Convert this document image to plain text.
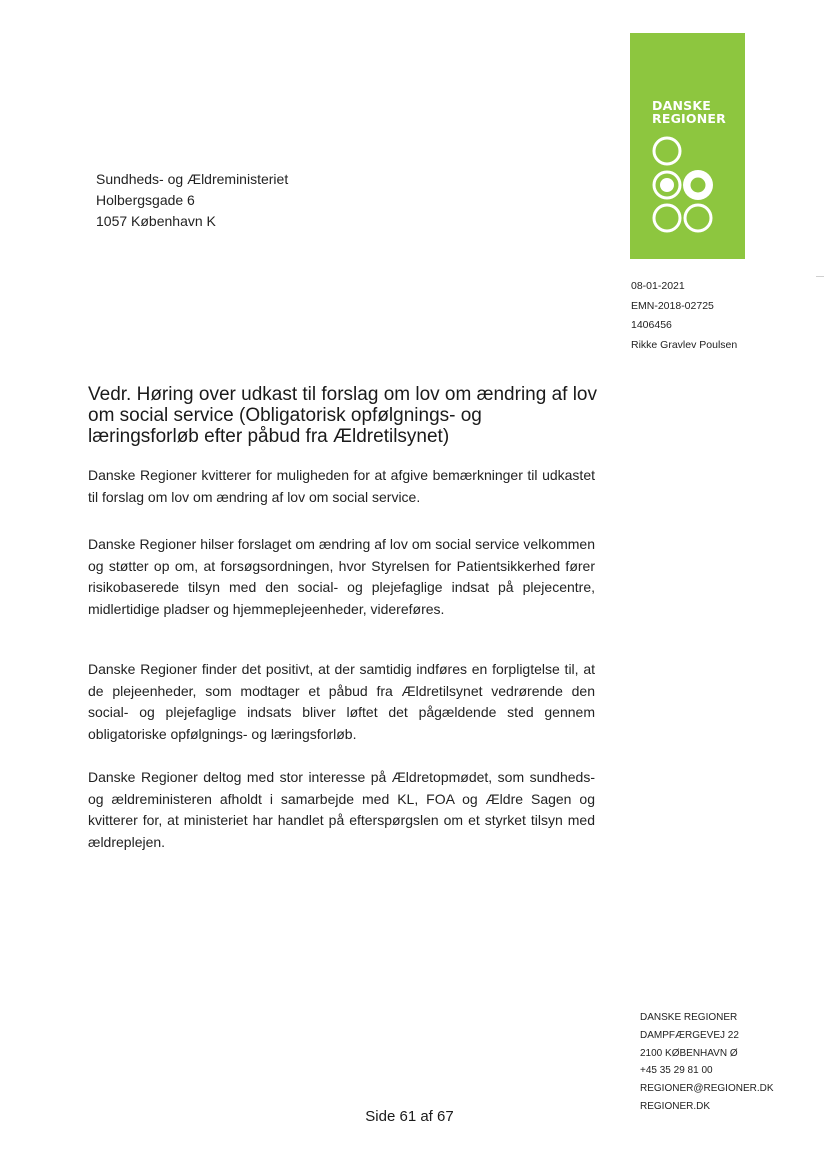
DANSKE
REGIONER
Sundheds- og Ældreministeriet
Holbergsgade 6
1057 København K
08-01-2021
EMN-2018-02725
1406456
Rikke Gravlev Poulsen
Vedr. Høring over udkast til forslag om lov om ændring af lov om social service (Obligatorisk opfølgnings- og læringsforløb efter påbud fra Ældretilsynet)

Danske Regioner kvitterer for muligheden for at afgive bemærkninger til udkastet til forslag om lov om ændring af lov om social service.

Danske Regioner hilser forslaget om ændring af lov om social service velkommen og støtter op om, at forsøgsordningen, hvor Styrelsen for Patientsikkerhed fører risikobaserede tilsyn med den social- og plejefaglige indsat på plejecentre, midlertidige pladser og hjemmeplejeenheder, videreføres.

Danske Regioner finder det positivt, at der samtidig indføres en forpligtelse til, at de plejeenheder, som modtager et påbud fra Ældretilsynet vedrørende den social- og plejefaglige indsats bliver løftet det pågældende sted gennem obligatoriske opfølgnings- og læringsforløb.

Danske Regioner deltog med stor interesse på Ældretopmødet, som sundheds- og ældreministeren afholdt i samarbejde med KL, FOA og Ældre Sagen og kvitterer for, at ministeriet har handlet på efterspørgslen om et styrket tilsyn med ældreplejen.

DANSKE REGIONER
DAMPFÆRGEVEJ 22
2100 KØBENHAVN Ø
+45 35 29 81 00
REGIONER@REGIONER.DK
REGIONER.DK
Side 61 af 67
